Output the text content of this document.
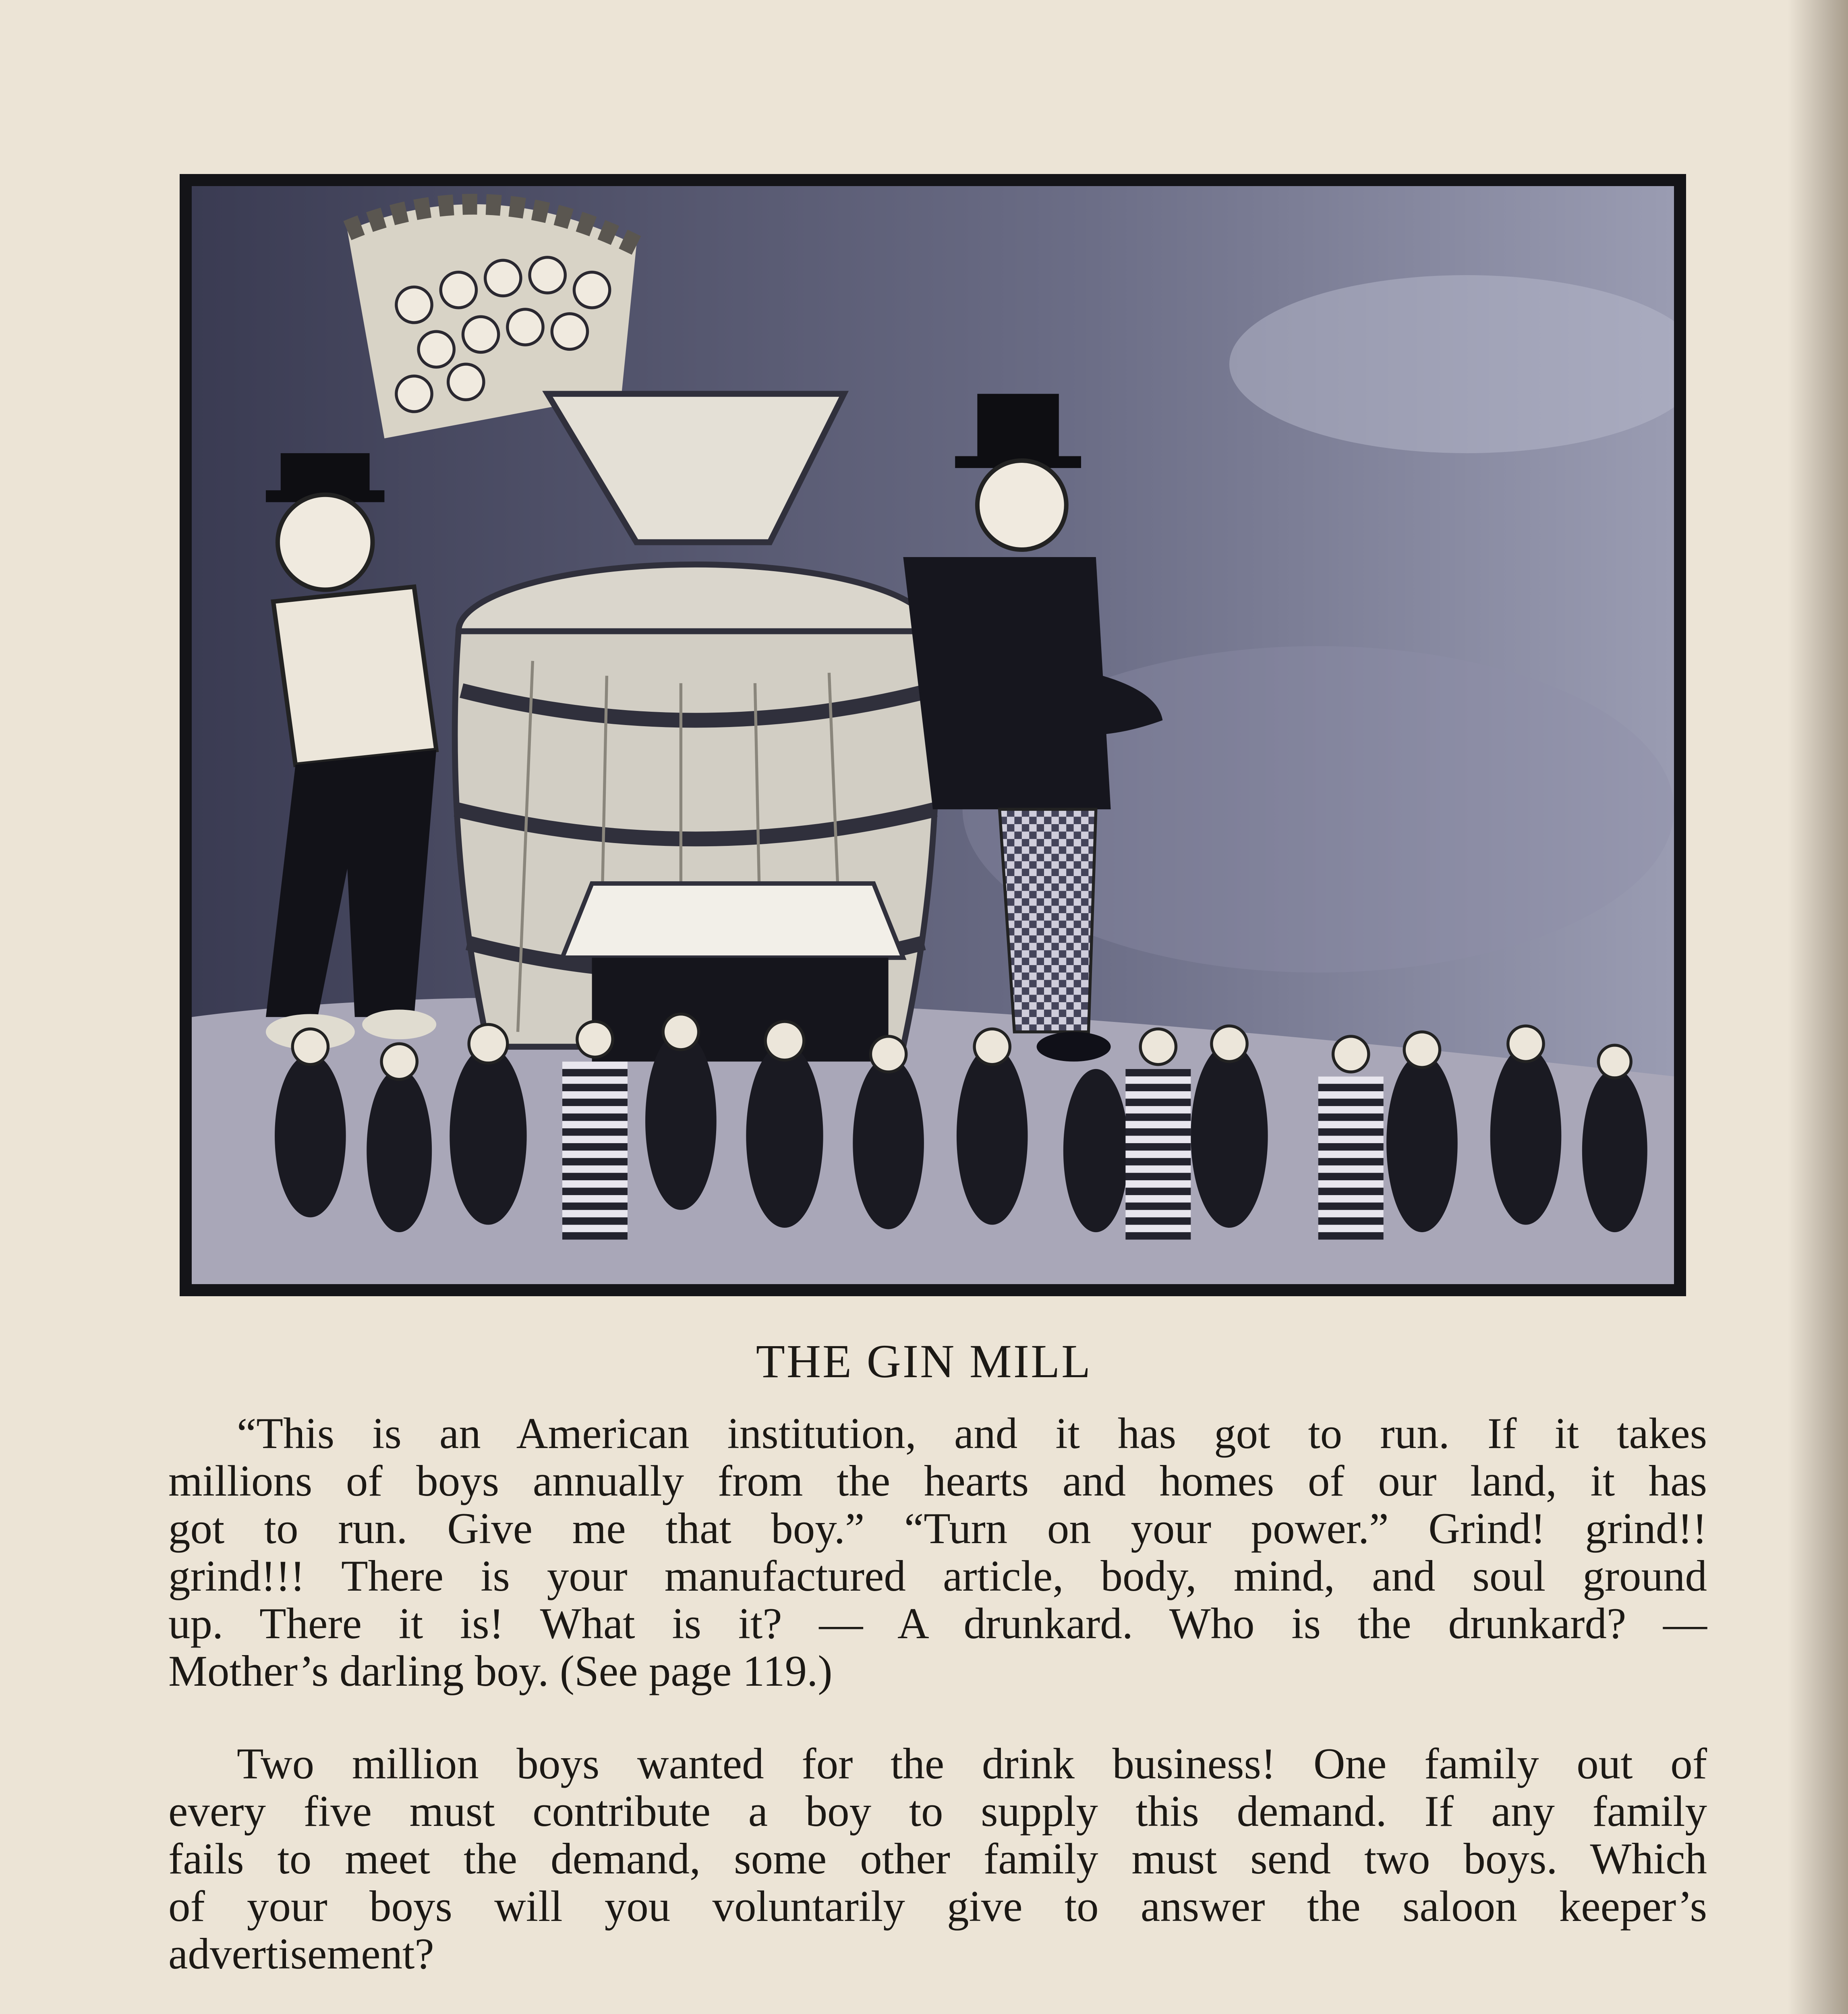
THE GIN MILL

“This is an American institution, and it has got to run. If it takes
millions of boys annually from the hearts and homes of our land, it has
got to run. Give me that boy.” “Turn on your power.” Grind! grind!!
grind!!! There is your manufactured article, body, mind, and soul ground
up. There it is! What is it? — A drunkard. Who is the drunkard? —
Mother’s darling boy. (See page 119.)

Two million boys wanted for the drink business! One family out of
every five must contribute a boy to supply this demand. If any family
fails to meet the demand, some other family must send two boys. Which
of your boys will you voluntarily give to answer the saloon keeper’s
advertisement?
